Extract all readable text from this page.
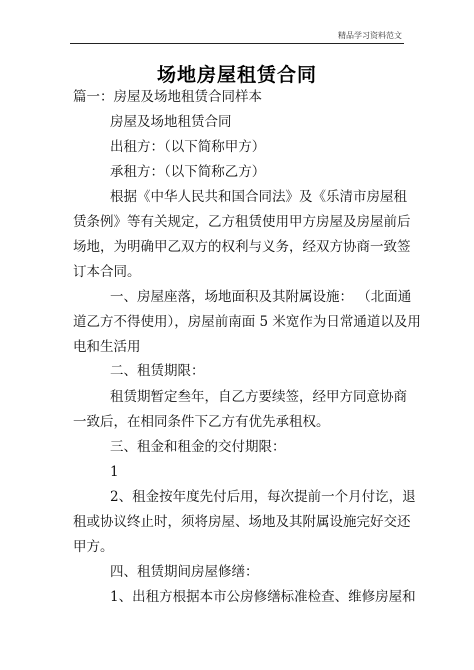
精品学习资料范文
场地房屋租赁合同
篇一：房屋及场地租赁合同样本
房屋及场地租赁合同
出租方：（以下简称甲方）
承租方：（以下简称乙方）
根据《中华人民共和国合同法》及《乐清市房屋租
赁条例》等有关规定，乙方租赁使用甲方房屋及房屋前后
场地，为明确甲乙双方的权利与义务，经双方协商一致签
订本合同。
一、房屋座落，场地面积及其附属设施： （北面通
道乙方不得使用），房屋前南面 5 米宽作为日常通道以及用
电和生活用
二、租赁期限：
租赁期暂定叁年，自乙方要续签，经甲方同意协商
一致后，在相同条件下乙方有优先承租权。
三、租金和租金的交付期限：
1
2、租金按年度先付后用，每次提前一个月付讫，退
租或协议终止时，须将房屋、场地及其附属设施完好交还
甲方。
四、租赁期间房屋修缮：
1、出租方根据本市公房修缮标准检查、维修房屋和
